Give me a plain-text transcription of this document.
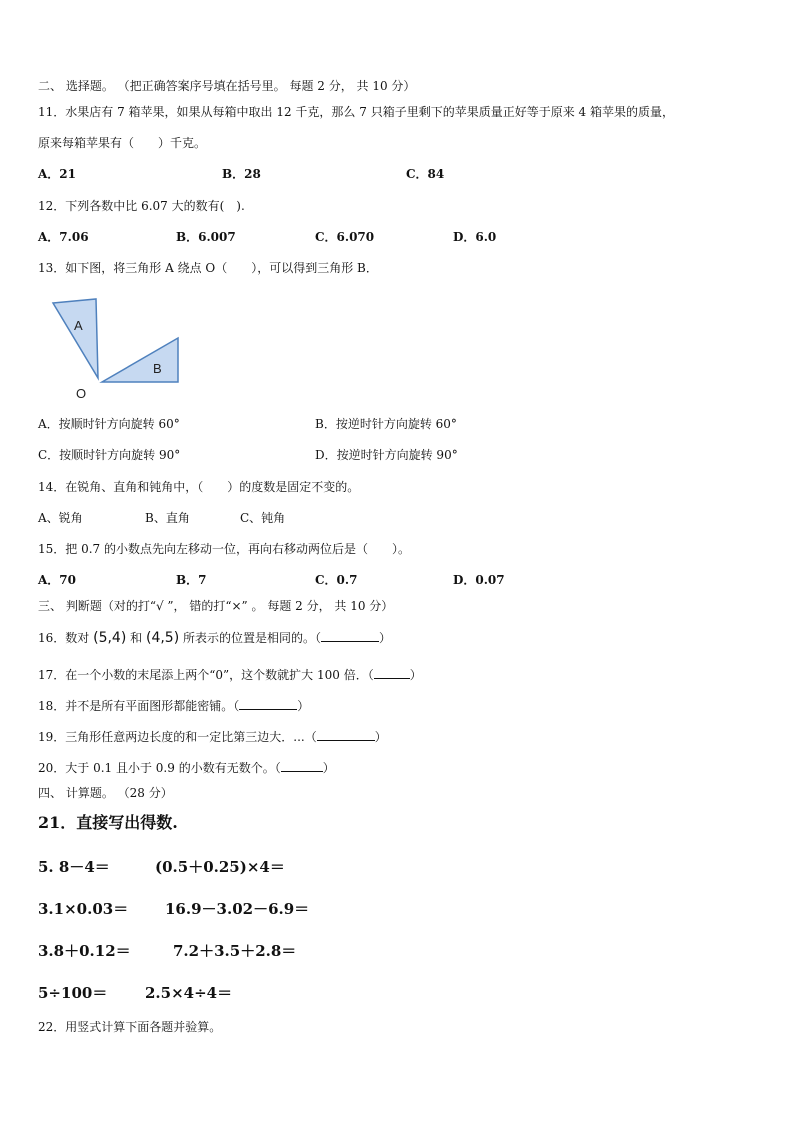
二、 选择题。 （把正确答案序号填在括号里。 每题 2 分， 共 10 分）
11．水果店有 7 箱苹果，如果从每箱中取出 12 千克，那么 7 只箱子里剩下的苹果质量正好等于原来 4 箱苹果的质量，
原来每箱苹果有（　　）千克。
A．21	B．28	C．84
12．下列各数中比 6.07 大的数有(　).
A．7.06	B．6.007	C．6.070	D．6.0
13．如下图，将三角形 A 绕点 O（　　），可以得到三角形 B．
A
B
O
A．按顺时针方向旋转 60°	B．按逆时针方向旋转 60°
C．按顺时针方向旋转 90°	D．按逆时针方向旋转 90°
14．在锐角、直角和钝角中，（　　）的度数是固定不变的。
A、锐角	B、直角	C、钝角
15．把 0.7 的小数点先向左移动一位，再向右移动两位后是（　　）。
A．70	B．7	C．0.7	D．0.07
三、 判断题（对的打“√ ”， 错的打“×” 。 每题 2 分， 共 10 分）
16．数对 (5,4) 和 (4,5) 所表示的位置是相同的。（	）
17．在一个小数的末尾添上两个“0”，这个数就扩大 100 倍．（	）
18．并不是所有平面图形都能密铺。（	）
19．三角形任意两边长度的和一定比第三边大．...（	）
20．大于 0.1 且小于 0.9 的小数有无数个。（	）
四、 计算题。 （28 分）
21．直接写出得数.
5. 8－4＝	(0.5＋0.25)×4＝
3.1×0.03＝ 16.9－3.02－6.9＝
3.8＋0.12＝	7.2＋3.5＋2.8＝
5÷100＝	2.5×4÷4＝
22．用竖式计算下面各题并验算。
